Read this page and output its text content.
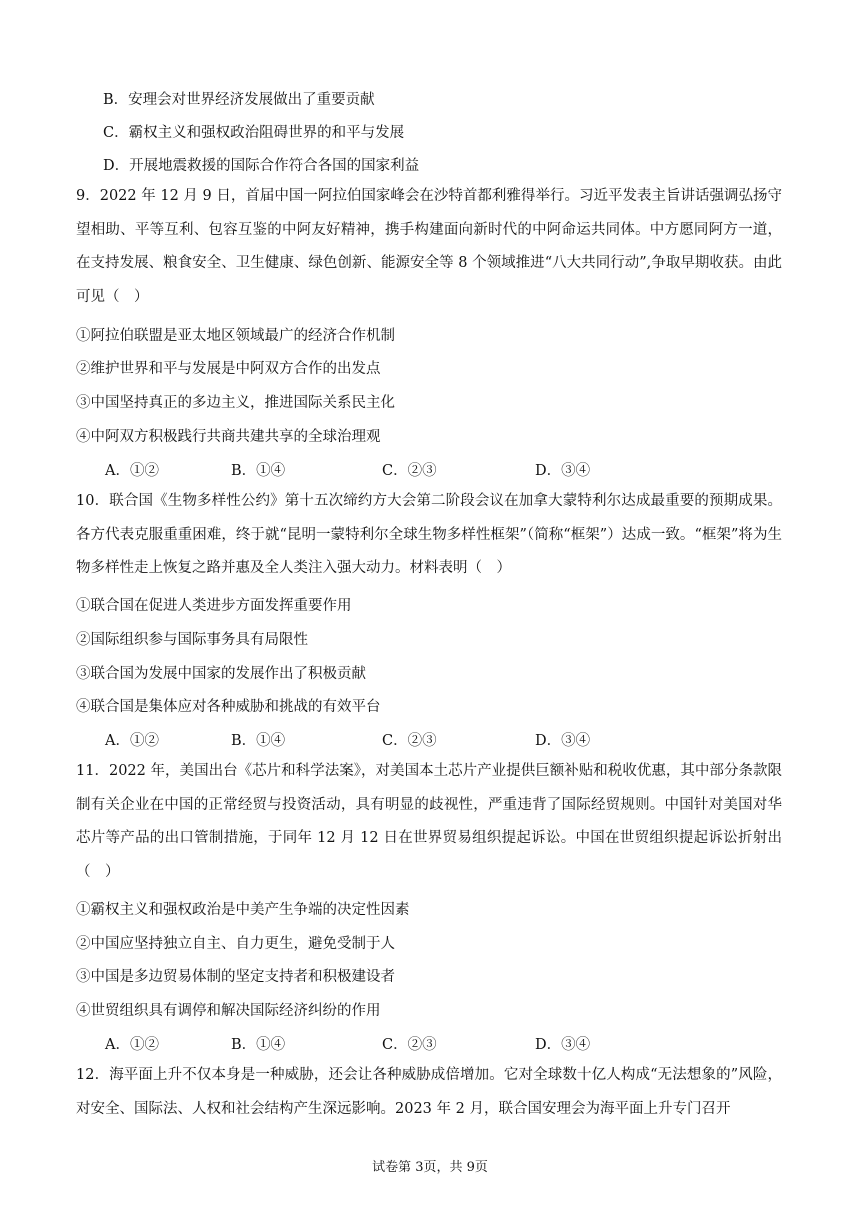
B．安理会对世界经济发展做出了重要贡献
C．霸权主义和强权政治阻碍世界的和平与发展
D．开展地震救援的国际合作符合各国的国家利益
9．2022 年 12 月 9 日，首届中国一阿拉伯国家峰会在沙特首都利雅得举行。习近平发表主旨讲话强调弘扬守望相助、平等互利、包容互鉴的中阿友好精神，携手构建面向新时代的中阿命运共同体。中方愿同阿方一道，在支持发展、粮食安全、卫生健康、绿色创新、能源安全等 8 个领域推进“八大共同行动”,争取早期收获。由此可见（　）
①阿拉伯联盟是亚太地区领域最广的经济合作机制
②维护世界和平与发展是中阿双方合作的出发点
③中国坚持真正的多边主义，推进国际关系民主化
④中阿双方积极践行共商共建共享的全球治理观
A．①②	B．①④	C．②③	D．③④
10．联合国《生物多样性公约》第十五次缔约方大会第二阶段会议在加拿大蒙特利尔达成最重要的预期成果。各方代表克服重重困难，终于就“昆明一蒙特利尔全球生物多样性框架”（简称“框架”）达成一致。“框架”将为生物多样性走上恢复之路并惠及全人类注入强大动力。材料表明（　）
①联合国在促进人类进步方面发挥重要作用
②国际组织参与国际事务具有局限性
③联合国为发展中国家的发展作出了积极贡献
④联合国是集体应对各种威胁和挑战的有效平台
A．①②	B．①④	C．②③	D．③④
11．2022 年，美国出台《芯片和科学法案》，对美国本土芯片产业提供巨额补贴和税收优惠，其中部分条款限制有关企业在中国的正常经贸与投资活动，具有明显的歧视性，严重违背了国际经贸规则。中国针对美国对华芯片等产品的出口管制措施，于同年 12 月 12 日在世界贸易组织提起诉讼。中国在世贸组织提起诉讼折射出（　）
①霸权主义和强权政治是中美产生争端的决定性因素
②中国应坚持独立自主、自力更生，避免受制于人
③中国是多边贸易体制的坚定支持者和积极建设者
④世贸组织具有调停和解决国际经济纠纷的作用
A．①②	B．①④	C．②③	D．③④
12．海平面上升不仅本身是一种威胁，还会让各种威胁成倍增加。它对全球数十亿人构成“无法想象的”风险，对安全、国际法、人权和社会结构产生深远影响。2023 年 2 月，联合国安理会为海平面上升专门召开
试卷第 3页，共 9页
